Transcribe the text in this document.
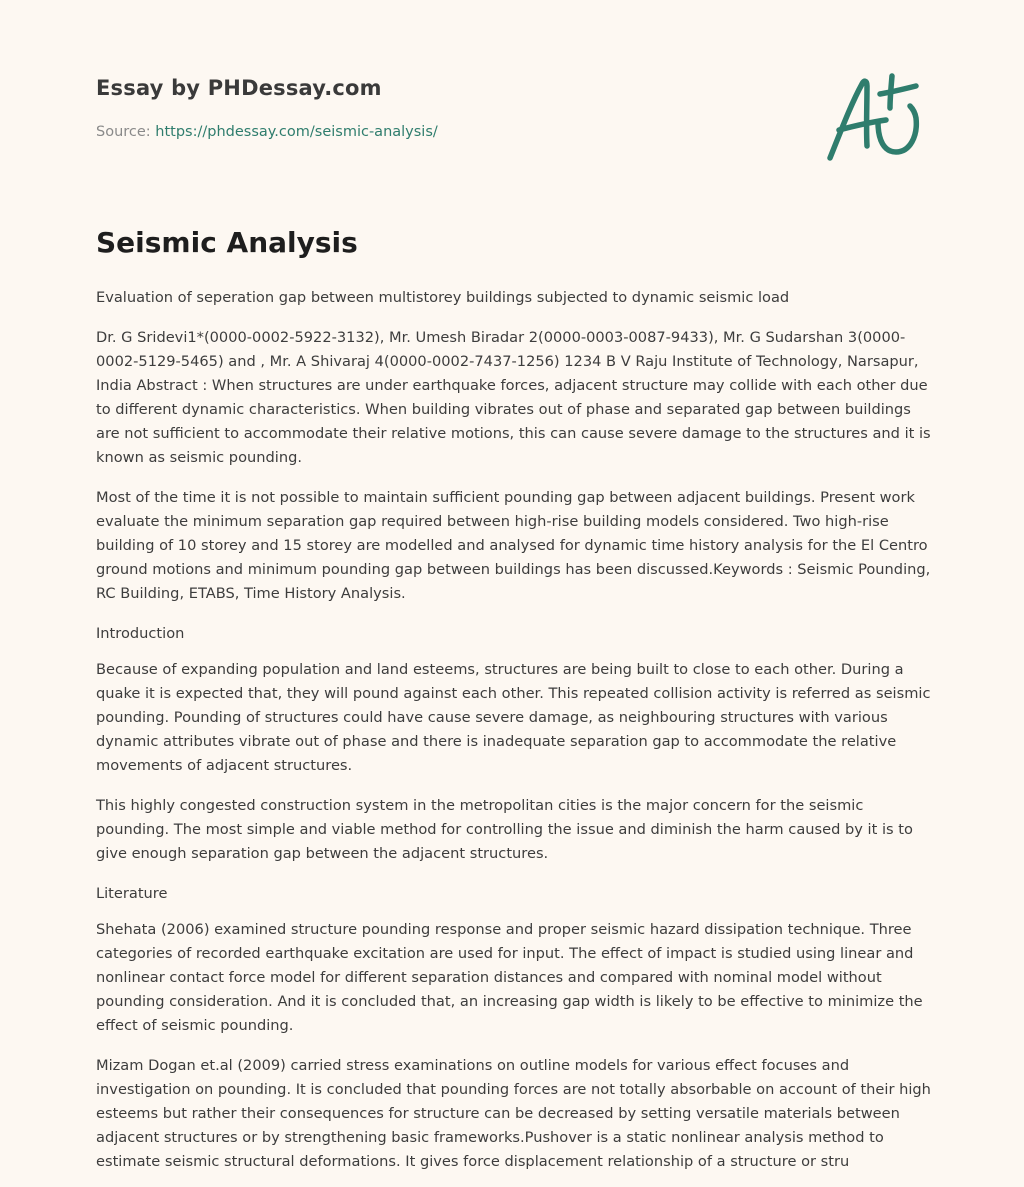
Essay by PHDessay.com
Source: https://phdessay.com/seismic-analysis/
Seismic Analysis

Evaluation of seperation gap between multistorey buildings subjected to dynamic seismic load

Dr. G Sridevi1*(0000-0002-5922-3132), Mr. Umesh Biradar 2(0000-0003-0087-9433), Mr. G Sudarshan 3(0000-0002-5129-5465) and , Mr. A Shivaraj 4(0000-0002-7437-1256) 1234 B V Raju Institute of Technology, Narsapur, India Abstract : When structures are under earthquake forces, adjacent structure may collide with each other due to different dynamic characteristics. When building vibrates out of phase and separated gap between buildings are not sufficient to accommodate their relative motions, this can cause severe damage to the structures and it is known as seismic pounding.

Most of the time it is not possible to maintain sufficient pounding gap between adjacent buildings. Present work evaluate the minimum separation gap required between high-rise building models considered. Two high-rise building of 10 storey and 15 storey are modelled and analysed for dynamic time history analysis for the El Centro ground motions and minimum pounding gap between buildings has been discussed.Keywords : Seismic Pounding, RC Building, ETABS, Time History Analysis.

Introduction

Because of expanding population and land esteems, structures are being built to close to each other. During a quake it is expected that, they will pound against each other. This repeated collision activity is referred as seismic pounding. Pounding of structures could have cause severe damage, as neighbouring structures with various dynamic attributes vibrate out of phase and there is inadequate separation gap to accommodate the relative movements of adjacent structures.

This highly congested construction system in the metropolitan cities is the major concern for the seismic pounding. The most simple and viable method for controlling the issue and diminish the harm caused by it is to give enough separation gap between the adjacent structures.

Literature

Shehata (2006) examined structure pounding response and proper seismic hazard dissipation technique. Three categories of recorded earthquake excitation are used for input. The effect of impact is studied using linear and nonlinear contact force model for different separation distances and compared with nominal model without pounding consideration. And it is concluded that, an increasing gap width is likely to be effective to minimize the effect of seismic pounding.

Mizam Dogan et.al (2009) carried stress examinations on outline models for various effect focuses and investigation on pounding. It is concluded that pounding forces are not totally absorbable on account of their high esteems but rather their consequences for structure can be decreased by setting versatile materials between adjacent structures or by strengthening basic frameworks.Pushover is a static nonlinear analysis method to estimate seismic structural deformations. It gives force displacement relationship of a structure or stru
